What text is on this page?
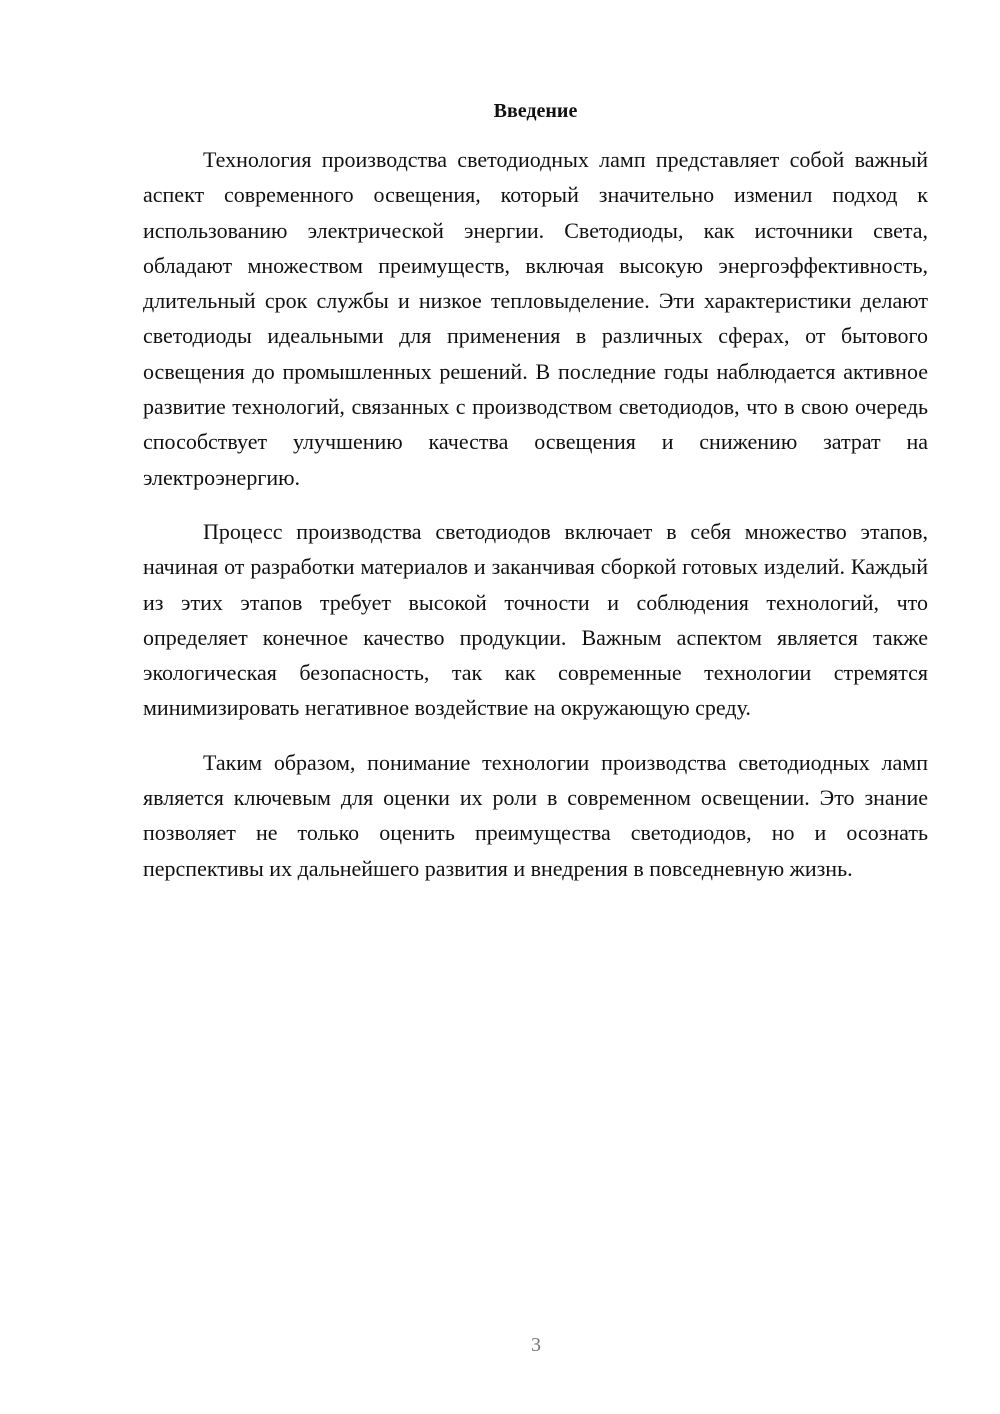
Введение

Технология производства светодиодных ламп представляет собой важный аспект современного освещения, который значительно изменил подход к использованию электрической энергии. Светодиоды, как источники света, обладают множеством преимуществ, включая высокую энергоэффективность, длительный срок службы и низкое тепловыделение. Эти характеристики делают светодиоды идеальными для применения в различных сферах, от бытового освещения до промышленных решений. В последние годы наблюдается активное развитие технологий, связанных с производством светодиодов, что в свою очередь способствует улучшению качества освещения и снижению затрат на электроэнергию.

Процесс производства светодиодов включает в себя множество этапов, начиная от разработки материалов и заканчивая сборкой готовых изделий. Каждый из этих этапов требует высокой точности и соблюдения технологий, что определяет конечное качество продукции. Важным аспектом является также экологическая безопасность, так как современные технологии стремятся минимизировать негативное воздействие на окружающую среду.

Таким образом, понимание технологии производства светодиодных ламп является ключевым для оценки их роли в современном освещении. Это знание позволяет не только оценить преимущества светодиодов, но и осознать перспективы их дальнейшего развития и внедрения в повседневную жизнь.

3
